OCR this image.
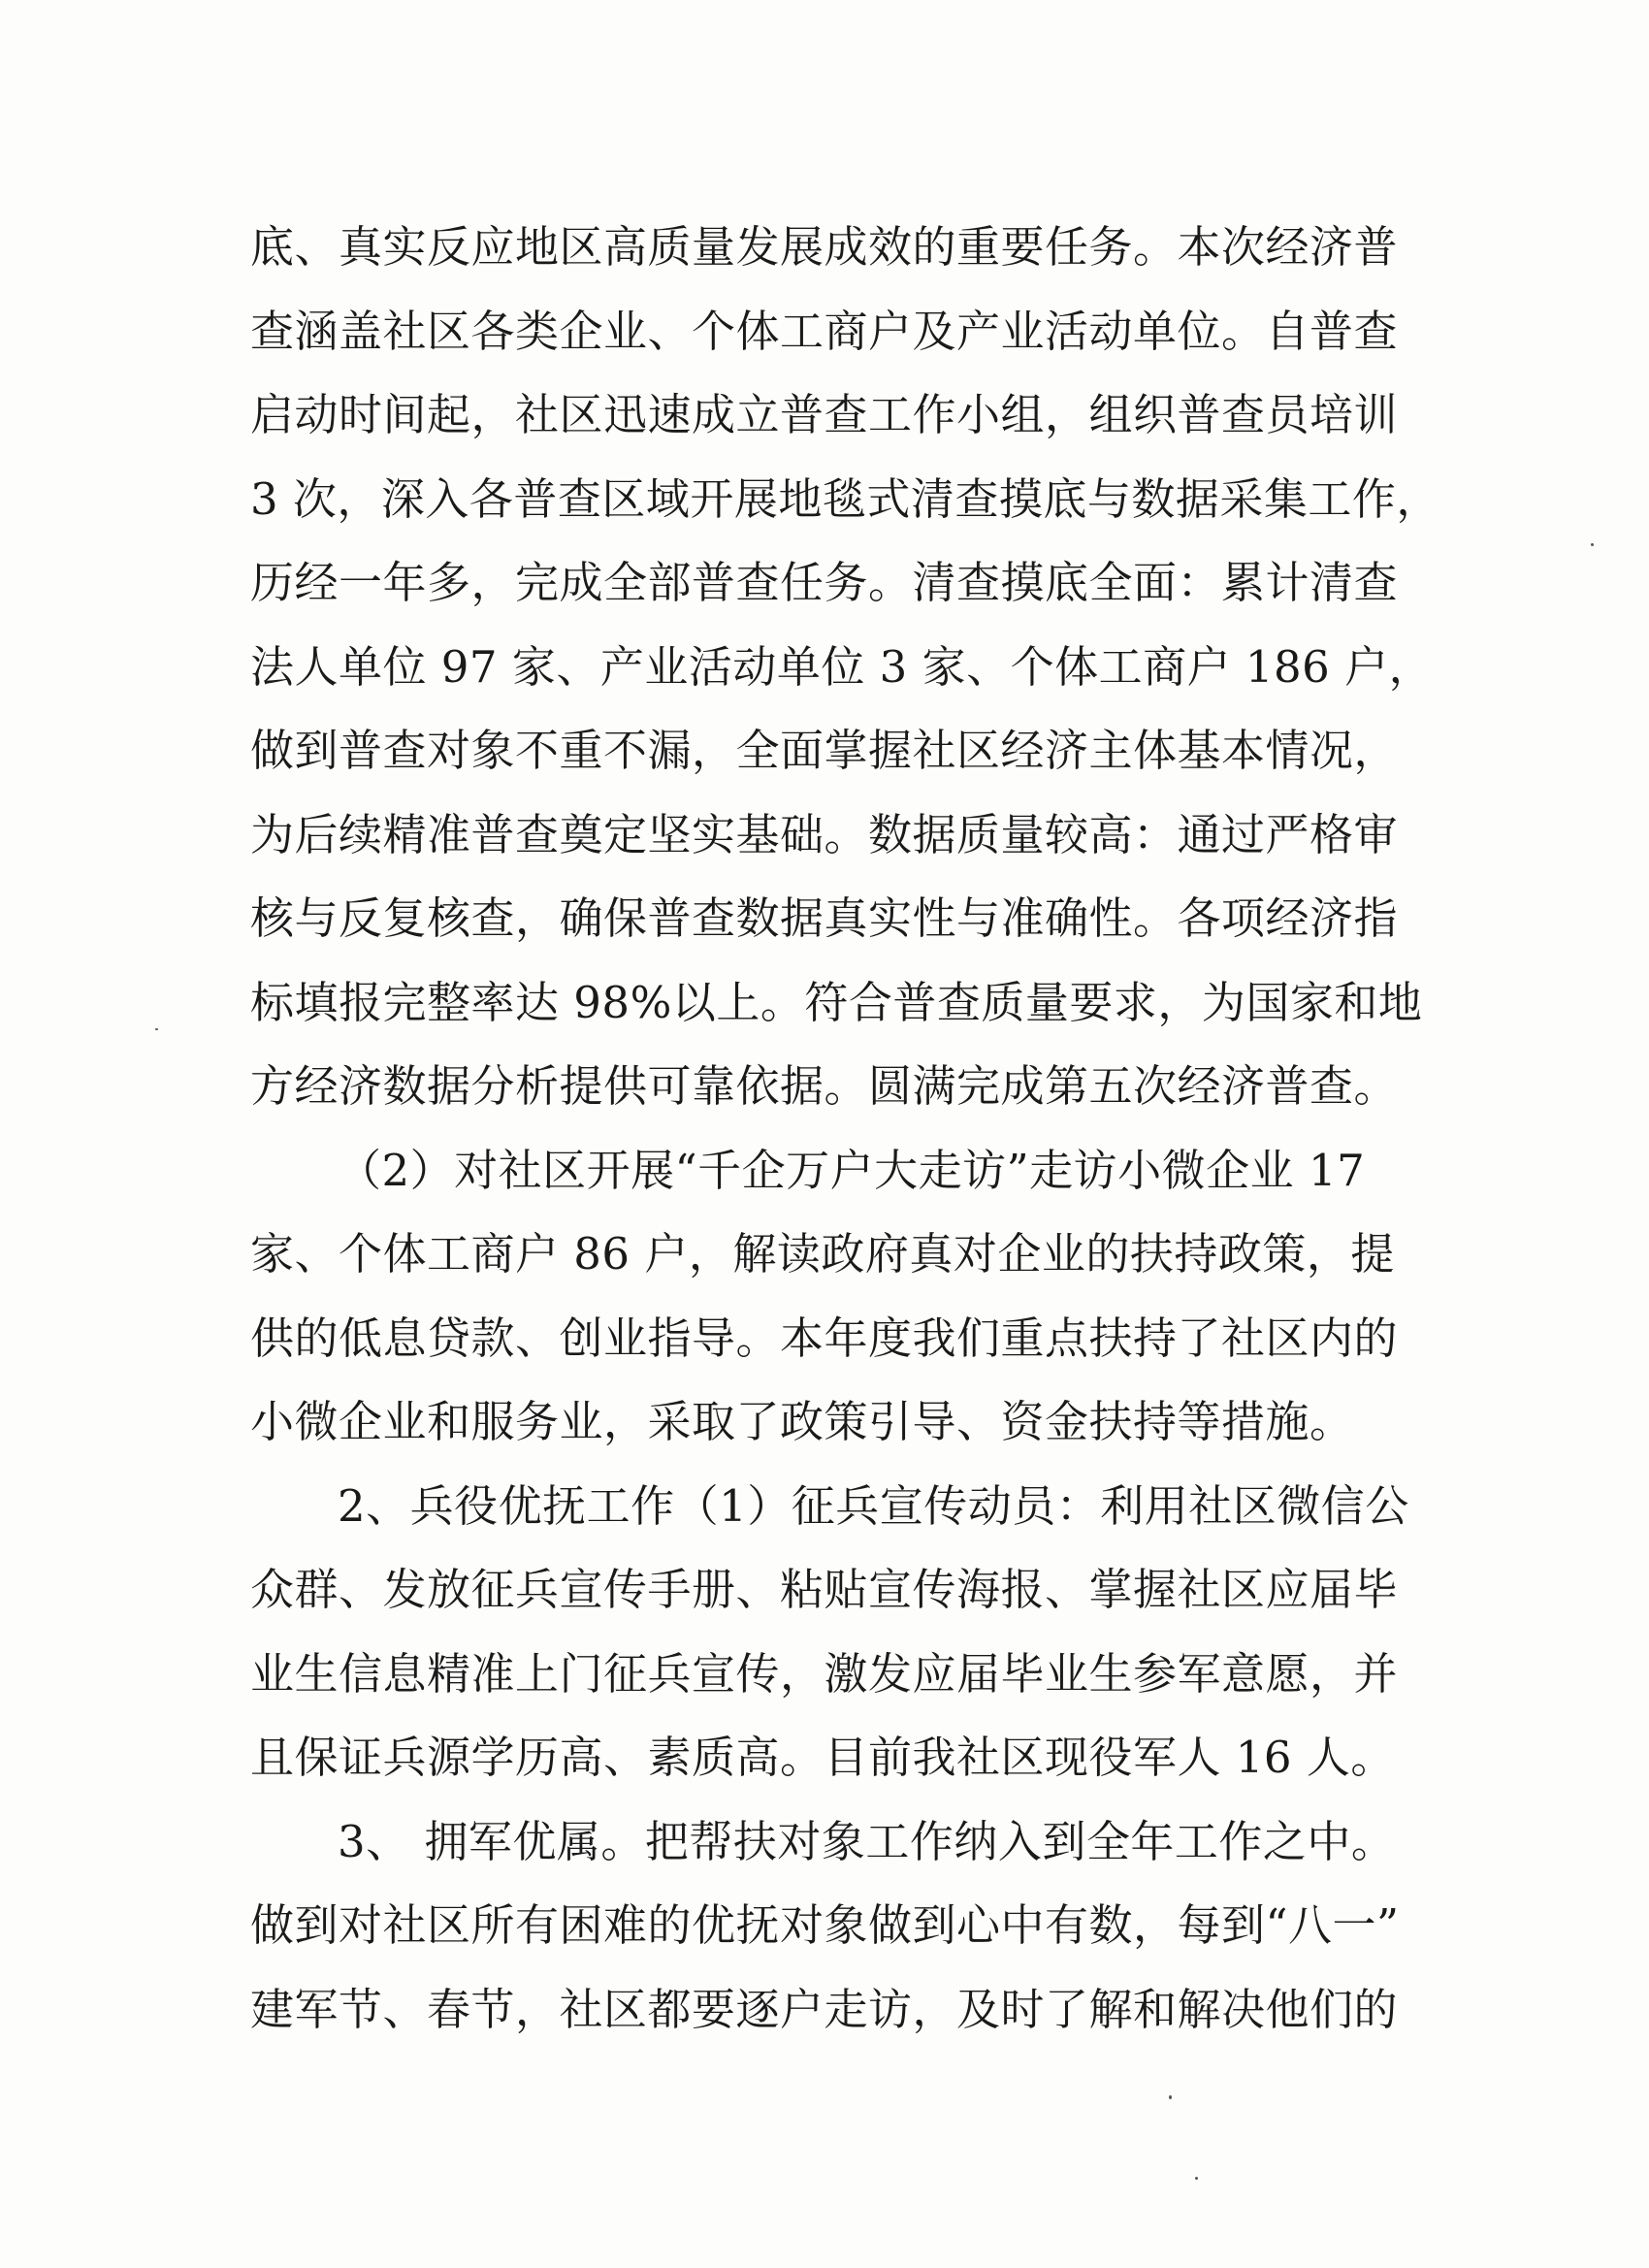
底、真实反应地区高质量发展成效的重要任务。本次经济普
查涵盖社区各类企业、个体工商户及产业活动单位。自普查
启动时间起，社区迅速成立普查工作小组，组织普查员培训
3 次，深入各普查区域开展地毯式清查摸底与数据采集工作，
历经一年多，完成全部普查任务。清查摸底全面：累计清查
法人单位 97 家、产业活动单位 3 家、个体工商户 186 户，
做到普查对象不重不漏，全面掌握社区经济主体基本情况，
为后续精准普查奠定坚实基础。数据质量较高：通过严格审
核与反复核查，确保普查数据真实性与准确性。各项经济指
标填报完整率达 98%以上。符合普查质量要求，为国家和地
方经济数据分析提供可靠依据。圆满完成第五次经济普查。
（2）对社区开展“千企万户大走访”走访小微企业 17
家、个体工商户 86 户，解读政府真对企业的扶持政策，提
供的低息贷款、创业指导。本年度我们重点扶持了社区内的
小微企业和服务业，采取了政策引导、资金扶持等措施。
2、兵役优抚工作（1）征兵宣传动员：利用社区微信公
众群、发放征兵宣传手册、粘贴宣传海报、掌握社区应届毕
业生信息精准上门征兵宣传，激发应届毕业生参军意愿，并
且保证兵源学历高、素质高。目前我社区现役军人 16 人。
3、 拥军优属。把帮扶对象工作纳入到全年工作之中。
做到对社区所有困难的优抚对象做到心中有数，每到“八一”
建军节、春节，社区都要逐户走访，及时了解和解决他们的
